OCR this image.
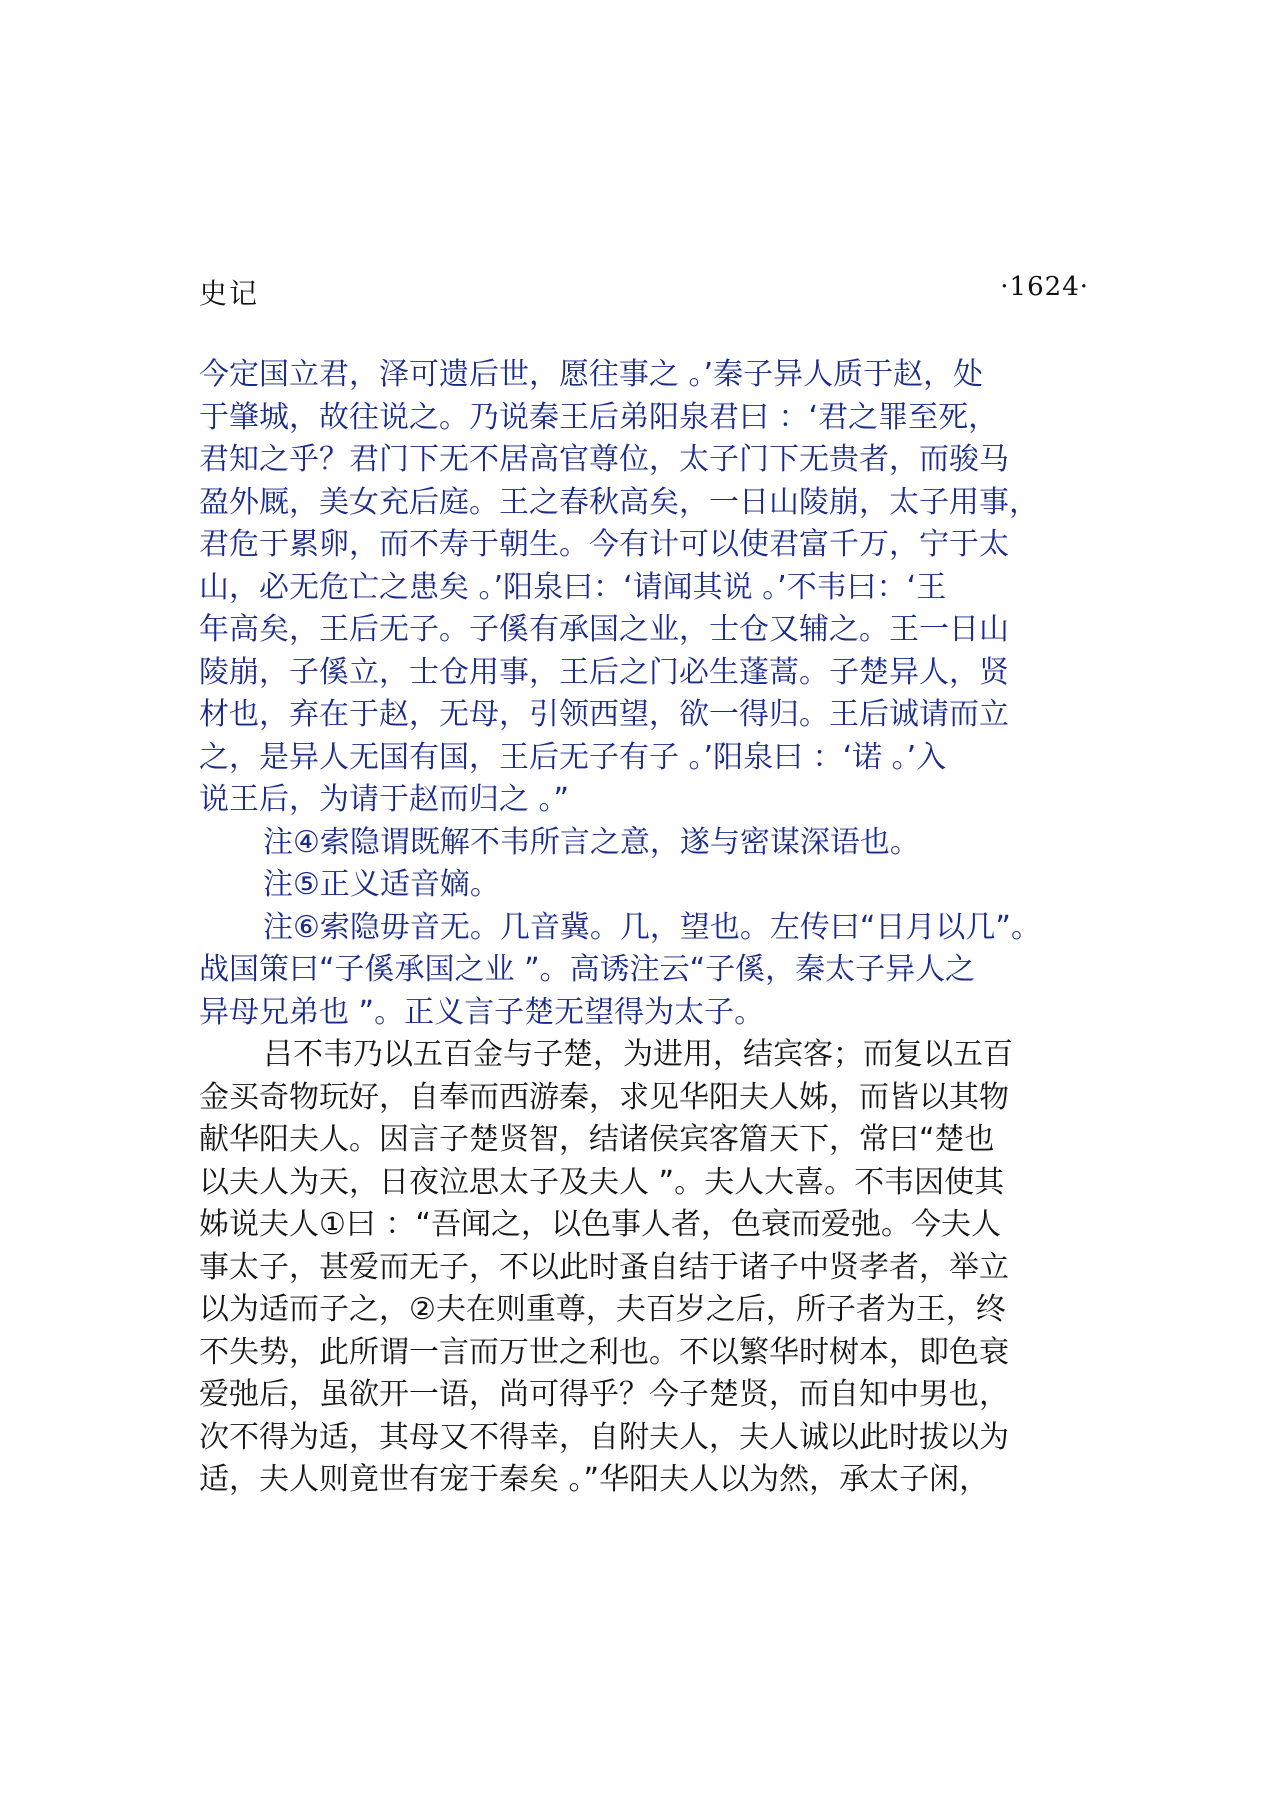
史记	·1624·
今定国立君，泽可遗后世，愿往事之 。’秦子异人质于赵，处
于肇城，故往说之。乃说秦王后弟阳泉君曰 ：‘君之罪至死，
君知之乎？君门下无不居高官尊位，太子门下无贵者，而骏马
盈外厩，美女充后庭。王之春秋高矣，一日山陵崩，太子用事，
君危于累卵，而不寿于朝生。今有计可以使君富千万，宁于太
山，必无危亡之患矣 。’阳泉曰：‘请闻其说 。’不韦曰：‘王
年高矣，王后无子。子傒有承国之业，士仓又辅之。王一日山
陵崩，子傒立，士仓用事，王后之门必生蓬蒿。子楚异人，贤
材也，弃在于赵，无母，引领西望，欲一得归。王后诚请而立
之，是异人无国有国，王后无子有子 。’阳泉曰 ：‘诺 。’入
说王后，为请于赵而归之 。”
注④索隐谓既解不韦所言之意，遂与密谋深语也。
注⑤正义适音嫡。
注⑥索隐毋音无。几音冀。几，望也。左传曰“日月以几”。
战国策曰“子傒承国之业 ”。高诱注云“子傒，秦太子异人之
异母兄弟也 ”。正义言子楚无望得为太子。
吕不韦乃以五百金与子楚，为进用，结宾客；而复以五百
金买奇物玩好，自奉而西游秦，求见华阳夫人姊，而皆以其物
献华阳夫人。因言子楚贤智，结诸侯宾客篃天下，常曰“楚也
以夫人为天，日夜泣思太子及夫人 ”。夫人大喜。不韦因使其
姊说夫人①曰 ：“吾闻之，以色事人者，色衰而爱弛。今夫人
事太子，甚爱而无子，不以此时蚤自结于诸子中贤孝者，举立
以为适而子之，②夫在则重尊，夫百岁之后，所子者为王，终
不失势，此所谓一言而万世之利也。不以繁华时树本，即色衰
爱弛后，虽欲开一语，尚可得乎？今子楚贤，而自知中男也，
次不得为适，其母又不得幸，自附夫人，夫人诚以此时拔以为
适，夫人则竟世有宠于秦矣 。”华阳夫人以为然，承太子闲，
